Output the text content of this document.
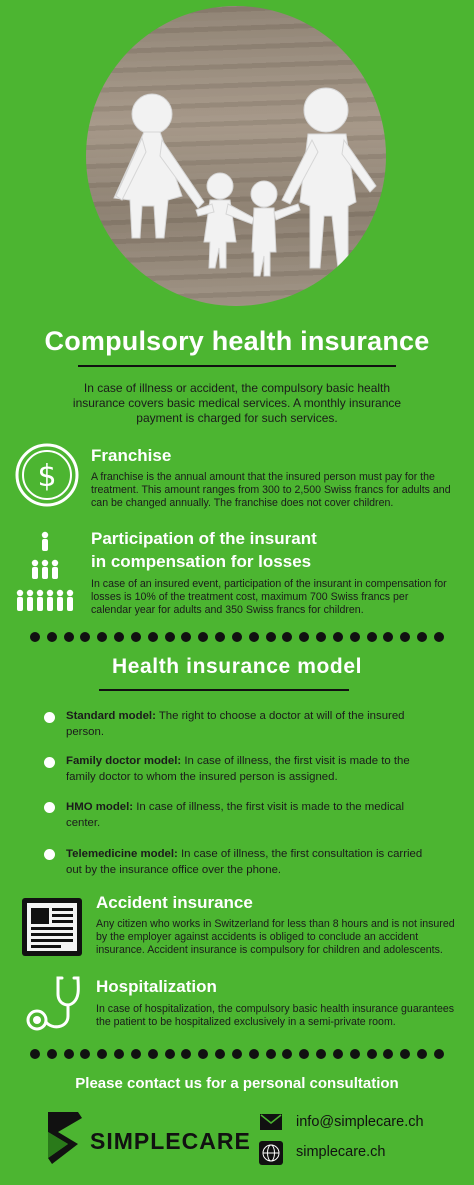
Compulsory health insurance
In case of illness or accident, the compulsory basic health insurance covers basic medical services. A monthly insurance payment is charged for such services.
$
Franchise
A franchise is the annual amount that the insured person must pay for the treatment. This amount ranges from 300 to 2,500 Swiss francs for adults and can be changed annually. The franchise does not cover children.
Participation of the insurant
in compensation for losses
In case of an insured event, participation of the insurant in compensation for losses is 10% of the treatment cost, maximum 700 Swiss francs per calendar year for adults and 350 Swiss francs for children.
Health insurance model
Standard model: The right to choose a doctor at will of the insured person.
Family doctor model: In case of illness, the first visit is made to the family doctor to whom the insured person is assigned.
HMO model: In case of illness, the first visit is made to the medical center.
Telemedicine model: In case of illness, the first consultation is carried out by the insurance office over the phone.
Accident insurance
Any citizen who works in Switzerland for less than 8 hours and is not insured by the employer against accidents is obliged to conclude an accident insurance. Accident insurance is compulsory for children and adolescents.
Hospitalization
In case of hospitalization, the compulsory basic health insurance guarantees the patient to be hospitalized exclusively in a semi-private room.
Please contact us for a personal consultation
SIMPLECARE
info@simplecare.ch
simplecare.ch
